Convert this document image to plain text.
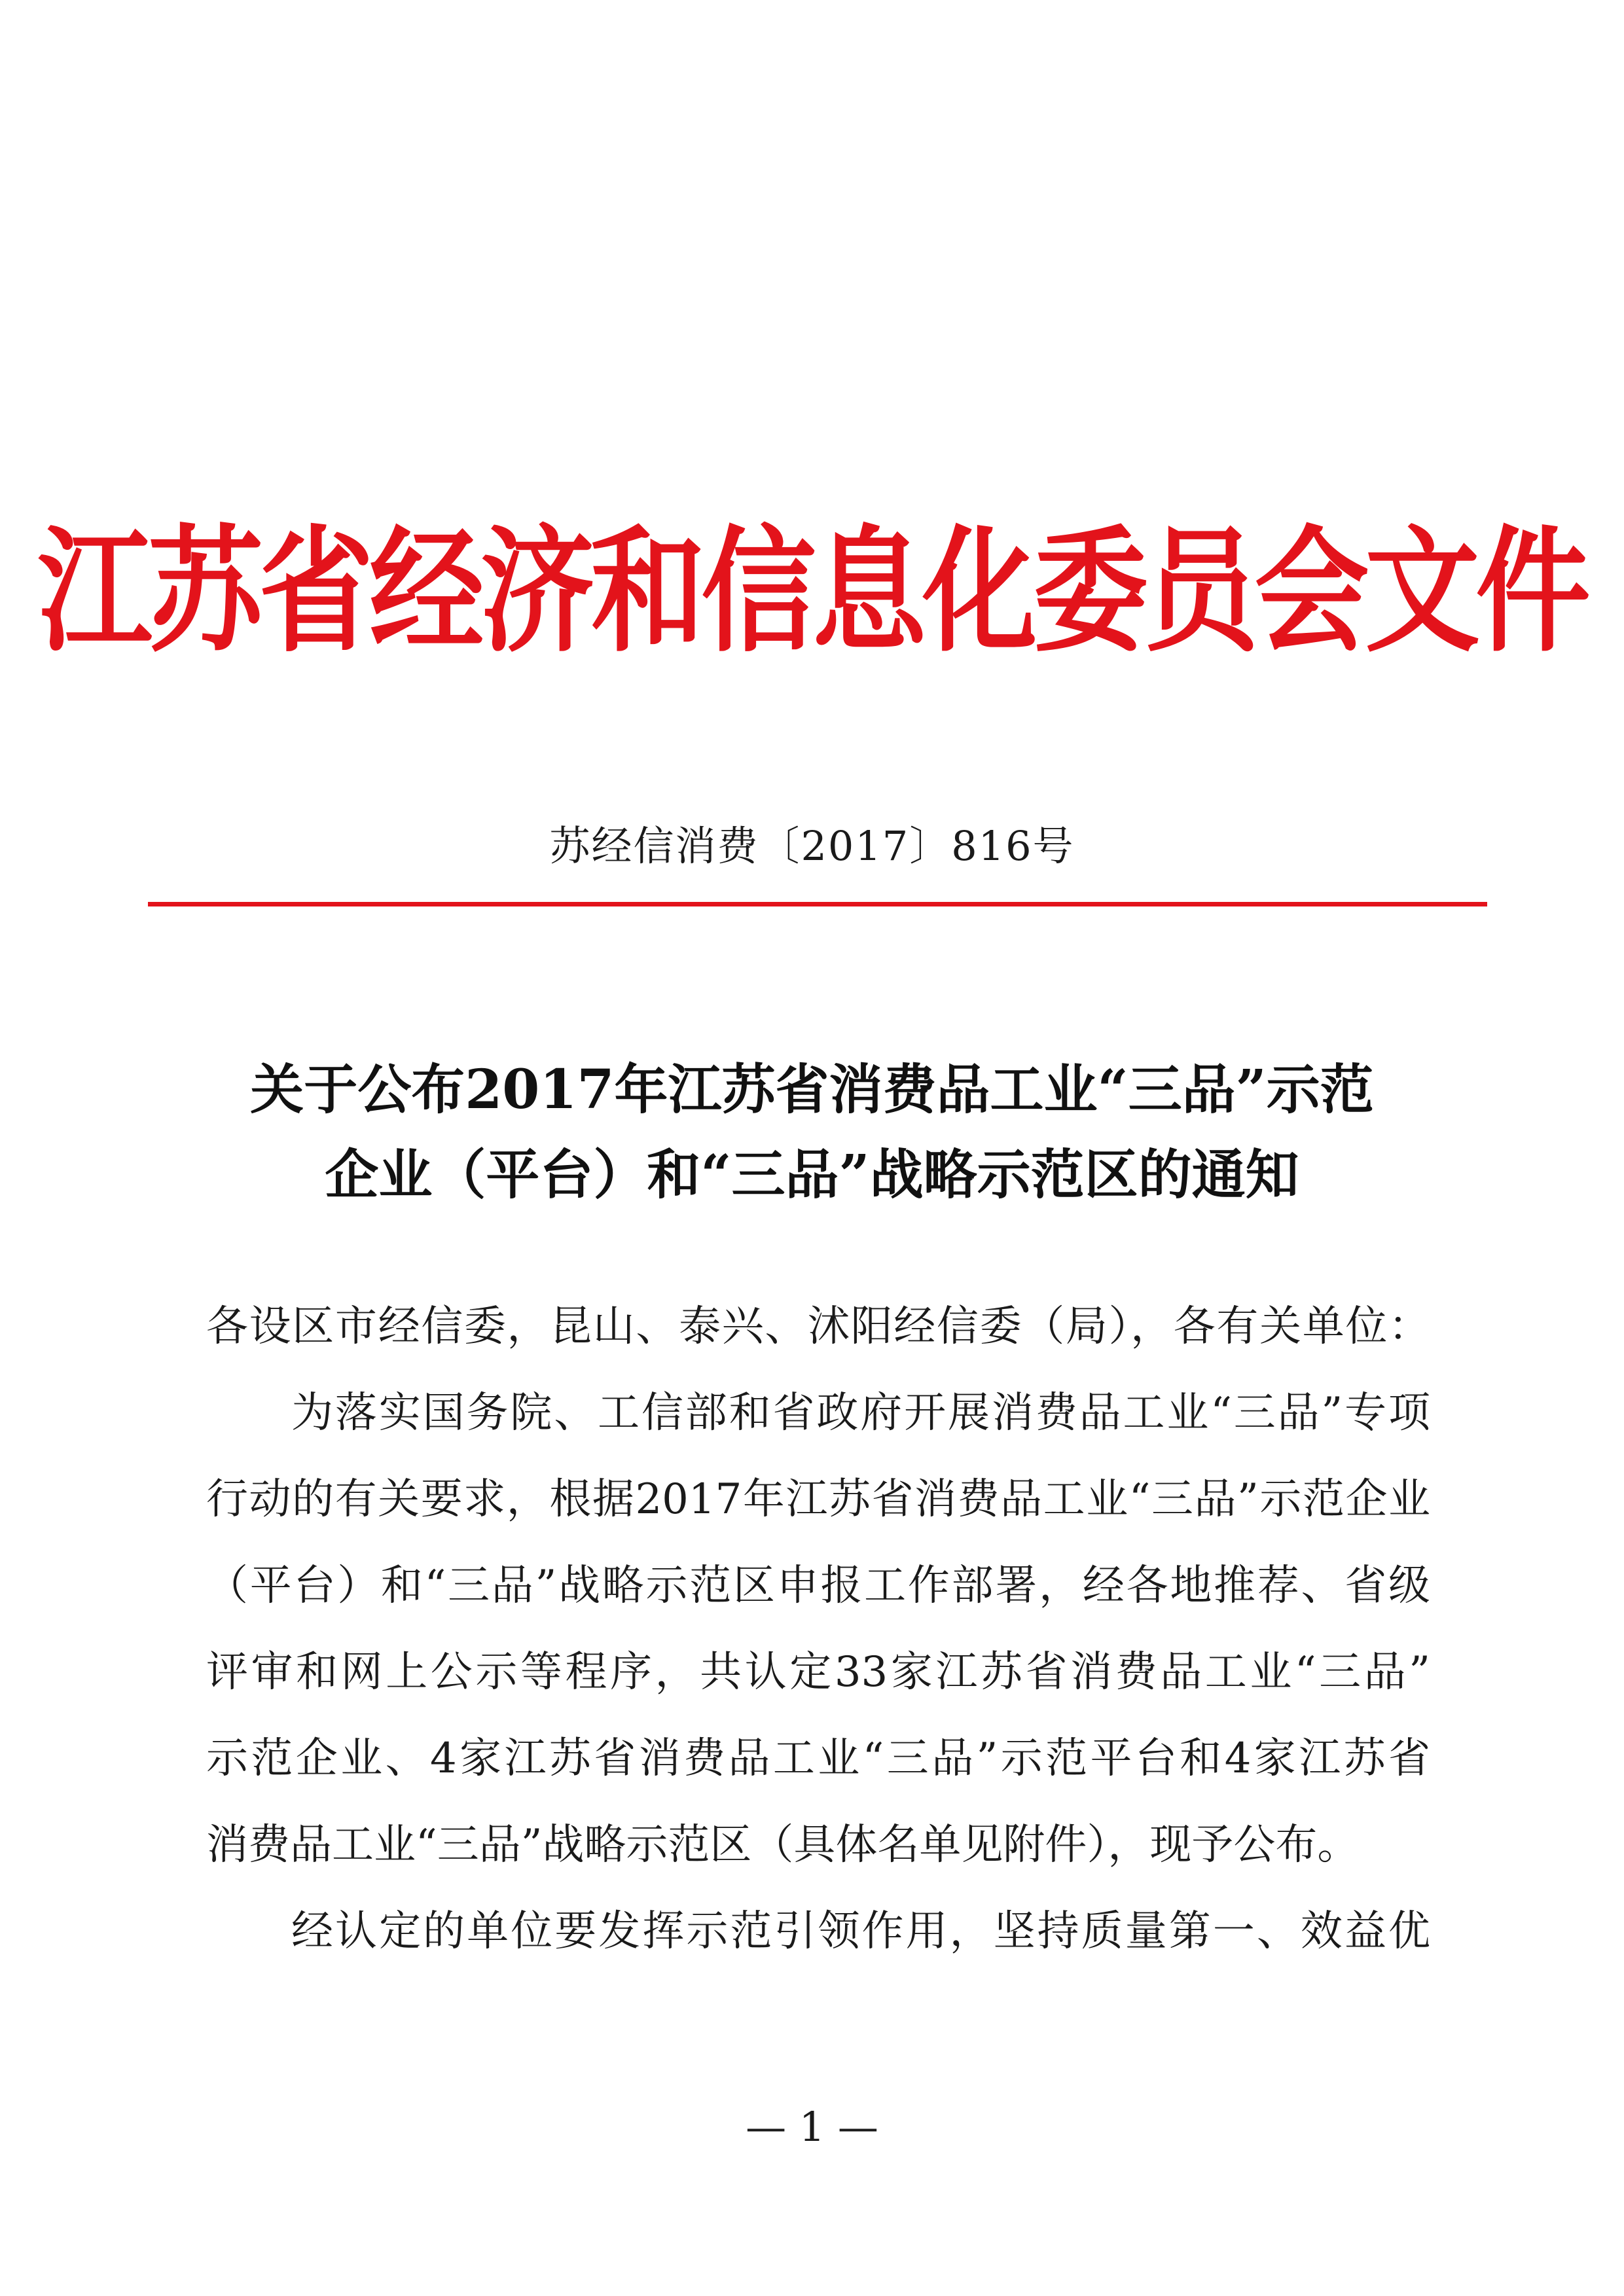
江苏省经济和信息化委员会文件
苏经信消费〔2017〕816号
关于公布2017年江苏省消费品工业“三品”示范
企业（平台）和“三品”战略示范区的通知
各设区市经信委，昆山、泰兴、沭阳经信委（局），各有关单位：
为落实国务院、工信部和省政府开展消费品工业“三品”专项
行动的有关要求，根据2017年江苏省消费品工业“三品”示范企业
（平台）和“三品”战略示范区申报工作部署，经各地推荐、省级
评审和网上公示等程序，共认定33家江苏省消费品工业“三品”
示范企业、4家江苏省消费品工业“三品”示范平台和4家江苏省
消费品工业“三品”战略示范区（具体名单见附件），现予公布。
经认定的单位要发挥示范引领作用，坚持质量第一、效益优
— 1 —
